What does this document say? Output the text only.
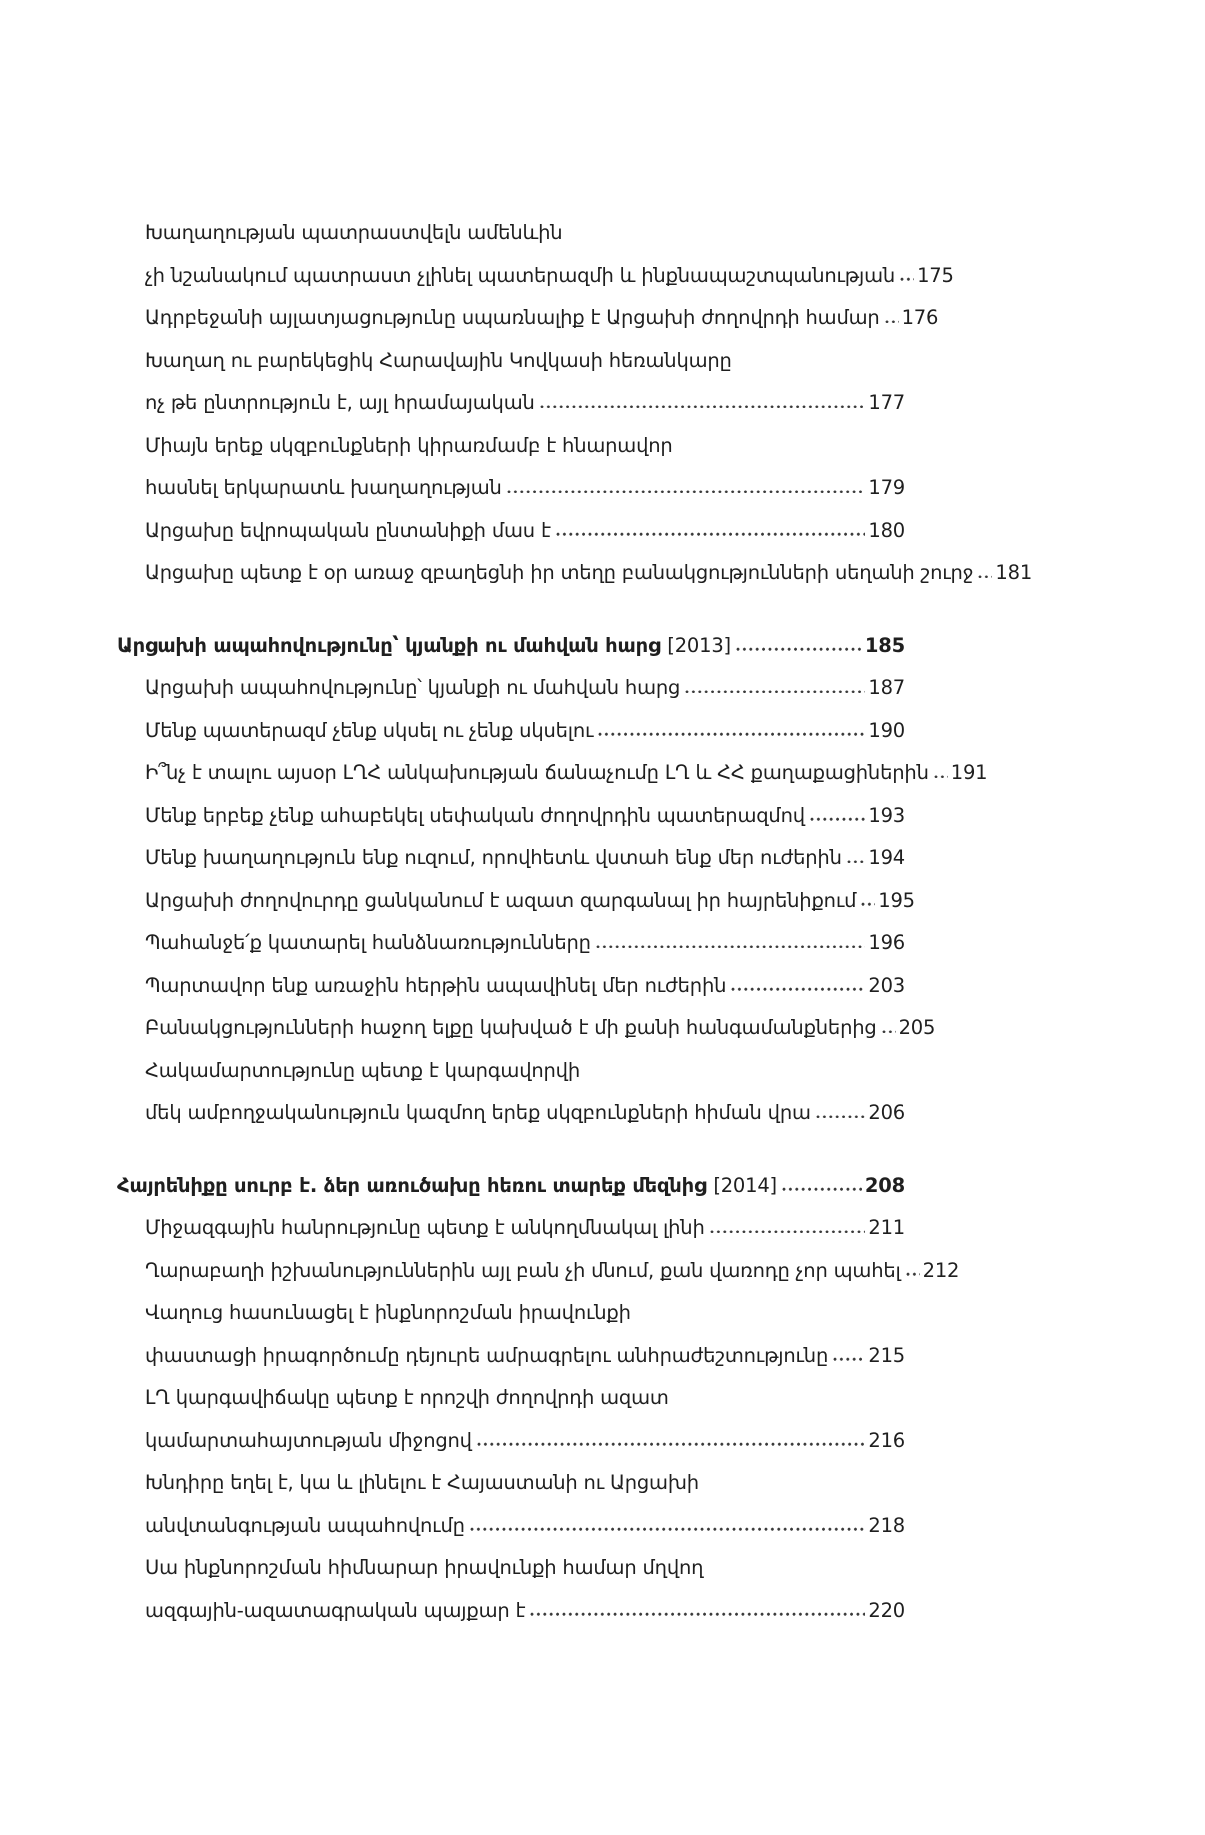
Խաղաղության պատրաստվելն ամենևին
չի նշանակում պատրաստ չլինել պատերազմի և ինքնապաշտպանության 175
Ադրբեջանի այլատյացությունը սպառնալիք է Արցախի ժողովրդի համար 176
Խաղաղ ու բարեկեցիկ Հարավային Կովկասի հեռանկարը
ոչ թե ընտրություն է, այլ հրամայական	177
Միայն երեք սկզբունքների կիրառմամբ է հնարավոր
հասնել երկարատև խաղաղության	179
Արցախը եվրոպական ընտանիքի մաս է	180
Արցախը պետք է օր առաջ զբաղեցնի իր տեղը բանակցությունների սեղանի շուրջ 181
Արցախի ապահովությունը՝ կյանքի ու մահվան հարց [2013]	185
Արցախի ապահովությունը՝ կյանքի ու մահվան հարց	187
Մենք պատերազմ չենք սկսել ու չենք սկսելու	190
Ի՞նչ է տալու այսօր ԼՂՀ անկախության ճանաչումը ԼՂ և ՀՀ քաղաքացիներին 191
Մենք երբեք չենք ահաբեկել սեփական ժողովրդին պատերազմով	193
Մենք խաղաղություն ենք ուզում, որովհետև վստահ ենք մեր ուժերին 194
Արցախի ժողովուրդը ցանկանում է ազատ զարգանալ իր հայրենիքում 195
Պահանջե՛ք կատարել հանձնառությունները	196
Պարտավոր ենք առաջին հերթին ապավինել մեր ուժերին	203
Բանակցությունների հաջող ելքը կախված է մի քանի հանգամանքներից 205
Հակամարտությունը պետք է կարգավորվի
մեկ ամբողջականություն կազմող երեք սկզբունքների հիման վրա	206
Հայրենիքը սուրբ է. ձեր առուծախը հեռու տարեք մեզնից [2014]	208
Միջազգային հանրությունը պետք է անկողմնակալ լինի	211
Ղարաբաղի իշխանություններին այլ բան չի մնում, քան վառոդը չոր պահել 212
Վաղուց հասունացել է ինքնորոշման իրավունքի
փաստացի իրագործումը դեյուրե ամրագրելու անհրաժեշտությունը 215
ԼՂ կարգավիճակը պետք է որոշվի ժողովրդի ազատ
կամարտահայտության միջոցով	216
Խնդիրը եղել է, կա և լինելու է Հայաստանի ու Արցախի
անվտանգության ապահովումը	218
Սա ինքնորոշման հիմնարար իրավունքի համար մղվող
ազգային-ազատագրական պայքար է	220
